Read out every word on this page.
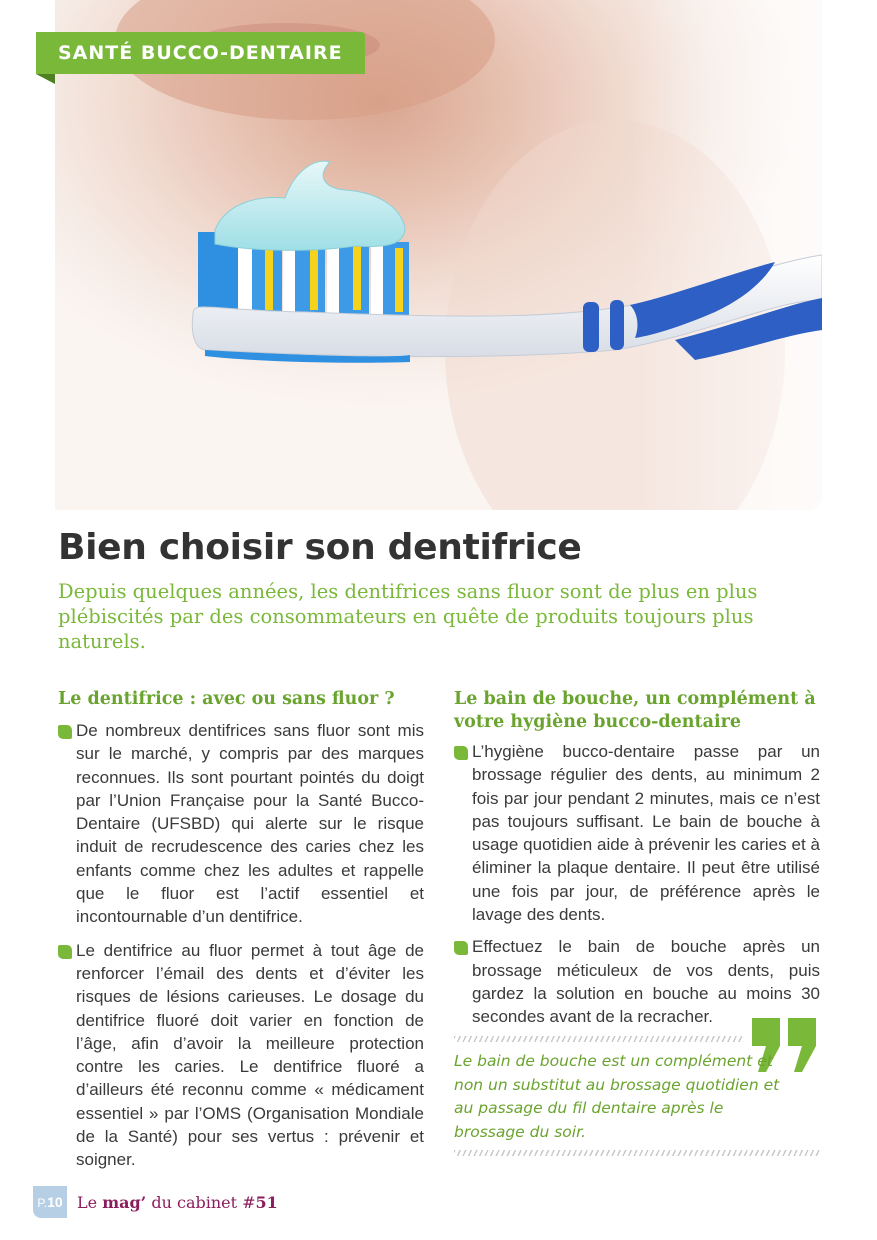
SANTÉ BUCCO-DENTAIRE
Bien choisir son dentifrice

Depuis quelques années, les dentifrices sans fluor sont de plus en plus plébiscités par des consommateurs en quête de produits toujours plus naturels.

Le dentifrice : avec ou sans fluor ?

De nombreux dentifrices sans fluor sont mis sur le marché, y compris par des marques reconnues. Ils sont pourtant pointés du doigt par l’Union Française pour la Santé Bucco-Dentaire (UFSBD) qui alerte sur le risque induit de recrudescence des caries chez les enfants comme chez les adultes et rappelle que le fluor est l’actif essentiel et incontournable d’un dentifrice.

Le dentifrice au fluor permet à tout âge de renforcer l’émail des dents et d’éviter les risques de lésions carieuses. Le dosage du dentifrice fluoré doit varier en fonction de l’âge, afin d’avoir la meilleure protection contre les caries. Le dentifrice fluoré a d’ailleurs été reconnu comme « médicament essentiel » par l’OMS (Organisation Mondiale de la Santé) pour ses vertus : prévenir et soigner.

Le bain de bouche, un complément à votre hygiène bucco-dentaire

L’hygiène bucco-dentaire passe par un brossage régulier des dents, au minimum 2 fois par jour pendant 2 minutes, mais ce n’est pas toujours suffisant. Le bain de bouche à usage quotidien aide à prévenir les caries et à éliminer la plaque dentaire. Il peut être utilisé une fois par jour, de préférence après le lavage des dents.

Effectuez le bain de bouche après un brossage méticuleux de vos dents, puis gardez la solution en bouche au moins 30 secondes avant de la recracher.

Le bain de bouche est un complément et non un substitut au brossage quotidien et au passage du fil dentaire après le brossage du soir.

P.10 Le mag’ du cabinet #51
